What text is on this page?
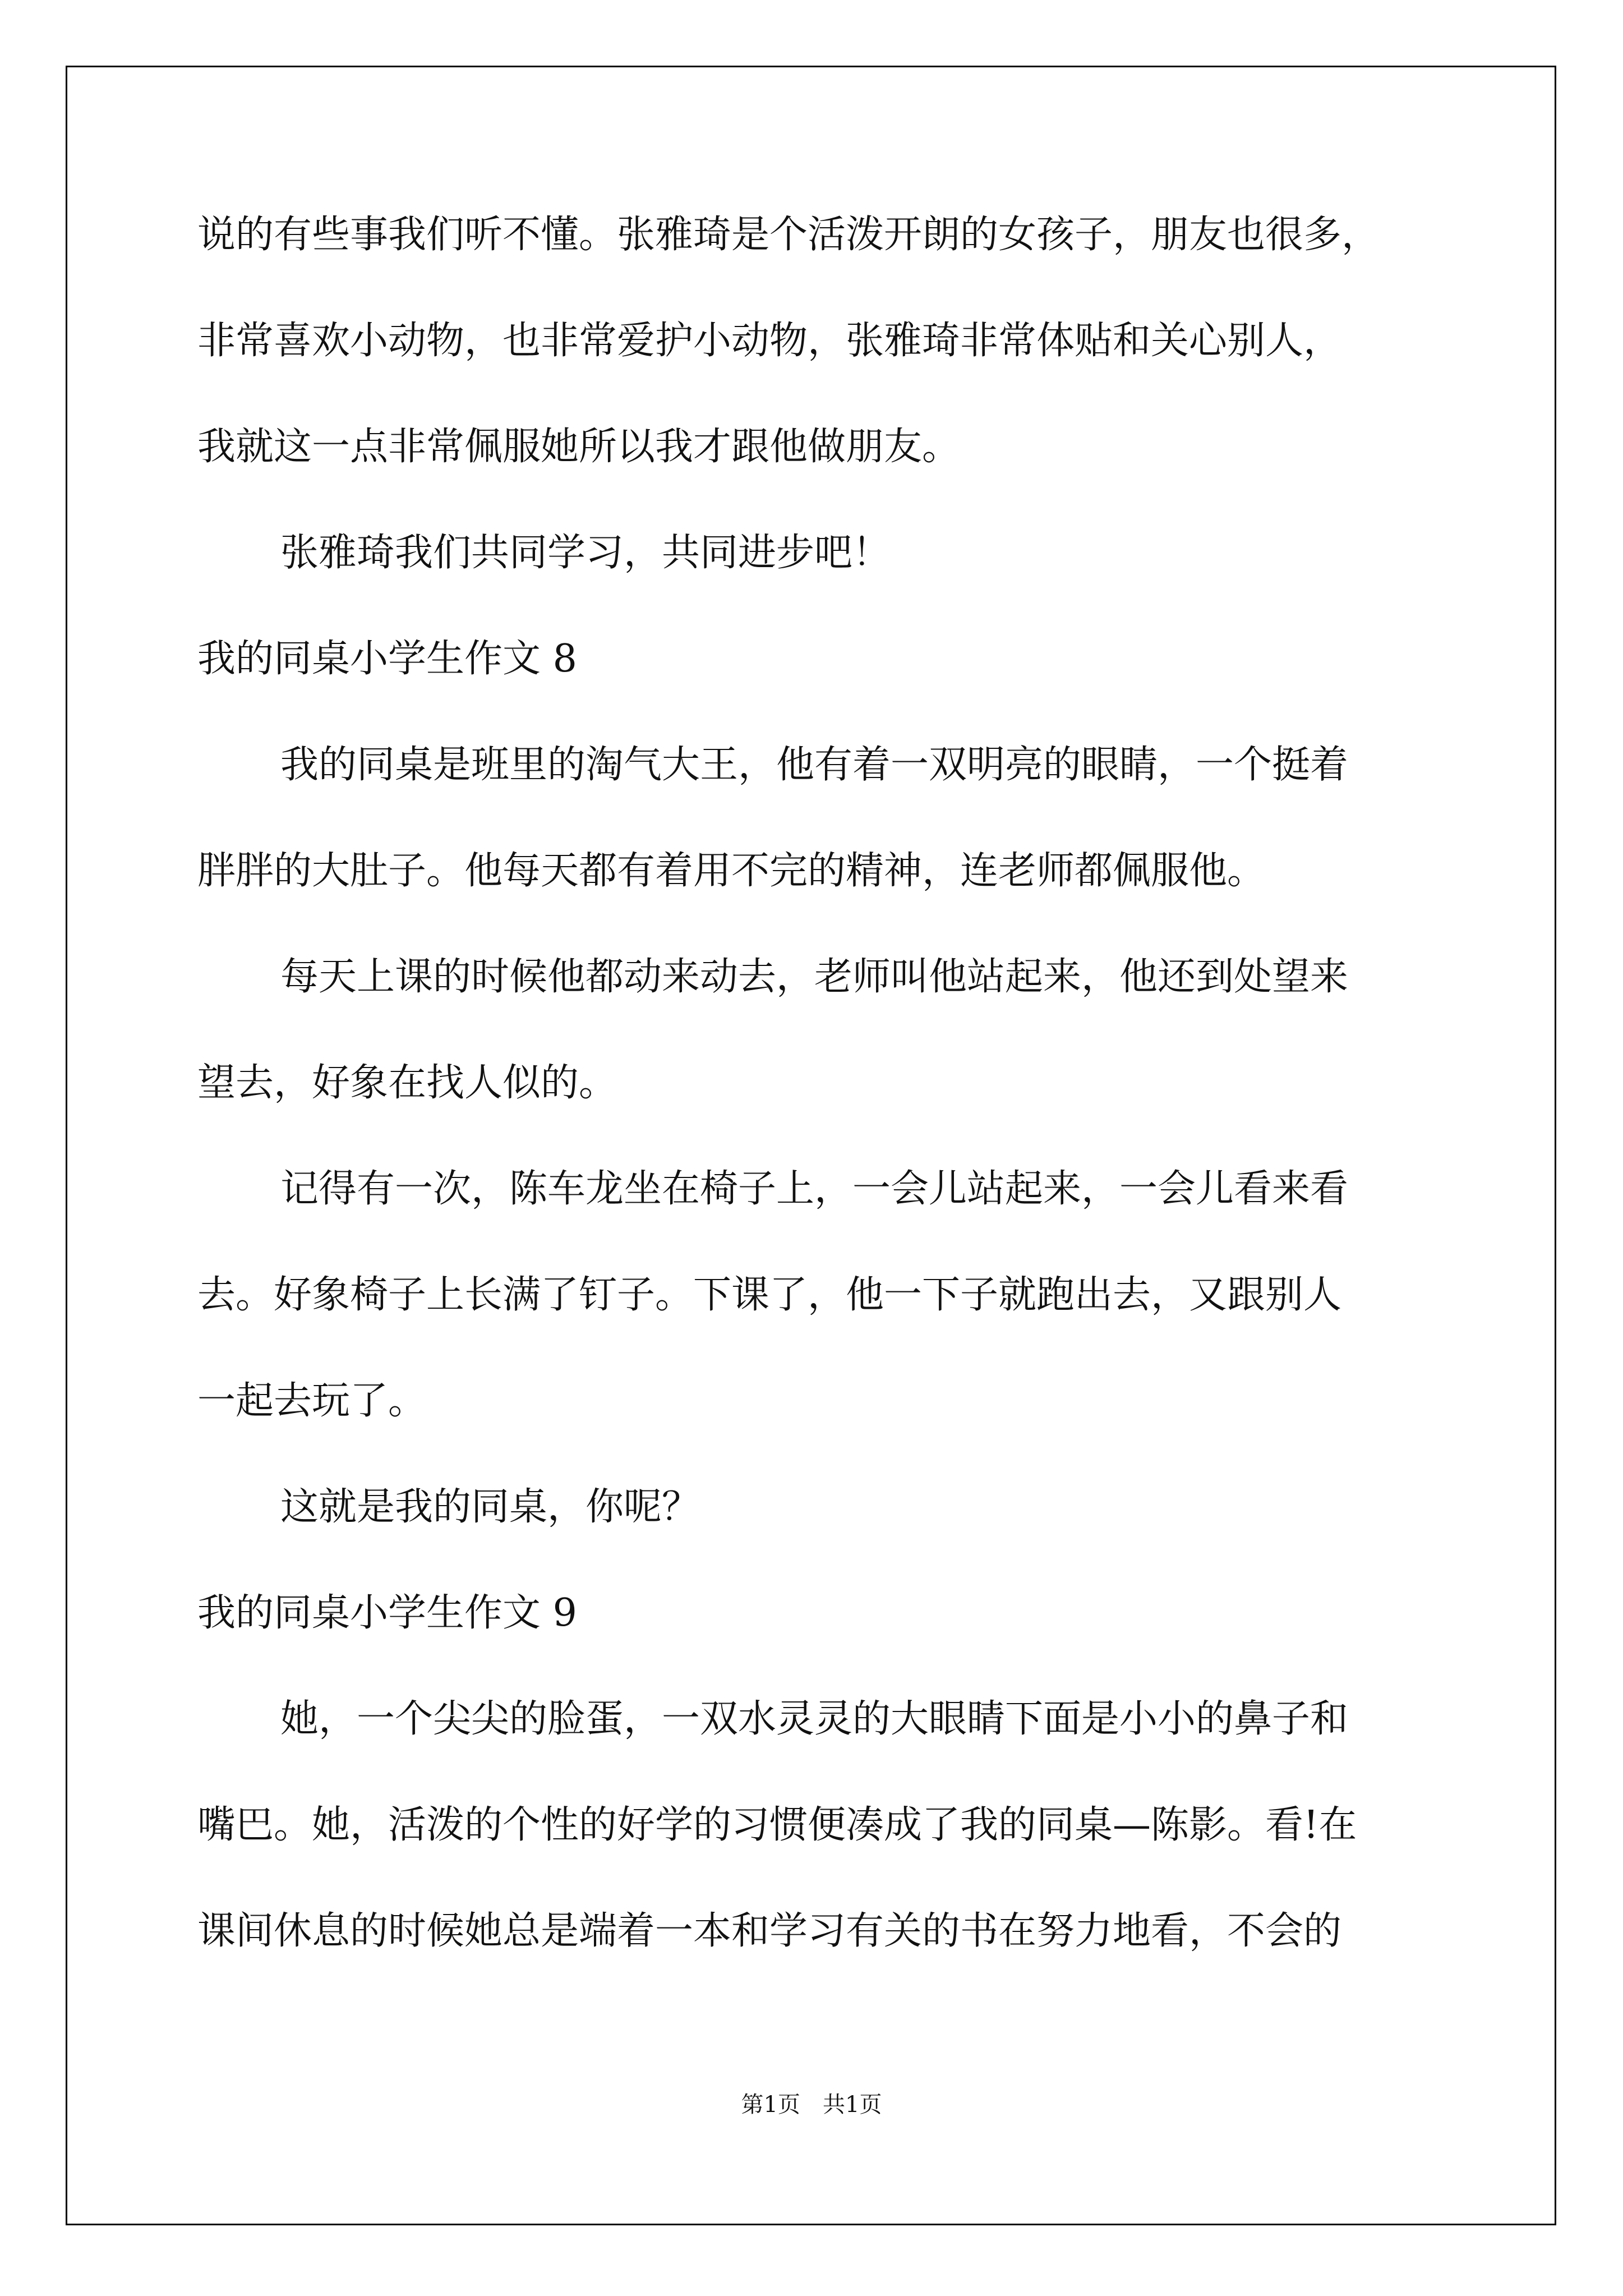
说的有些事我们听不懂。张雅琦是个活泼开朗的女孩子，朋友也很多，
非常喜欢小动物，也非常爱护小动物，张雅琦非常体贴和关心别人，
我就这一点非常佩服她所以我才跟他做朋友。
张雅琦我们共同学习，共同进步吧！
我的同桌小学生作文 8
我的同桌是班里的淘气大王，他有着一双明亮的眼睛，一个挺着
胖胖的大肚子。他每天都有着用不完的精神，连老师都佩服他。
每天上课的时候他都动来动去，老师叫他站起来，他还到处望来
望去，好象在找人似的。
记得有一次，陈车龙坐在椅子上，一会儿站起来，一会儿看来看
去。好象椅子上长满了钉子。下课了，他一下子就跑出去，又跟别人
一起去玩了。
这就是我的同桌，你呢？
我的同桌小学生作文 9
她，一个尖尖的脸蛋，一双水灵灵的大眼睛下面是小小的鼻子和
嘴巴。她，活泼的个性的好学的习惯便凑成了我的同桌—陈影。看!在
课间休息的时候她总是端着一本和学习有关的书在努力地看，不会的
第1页　共1页
